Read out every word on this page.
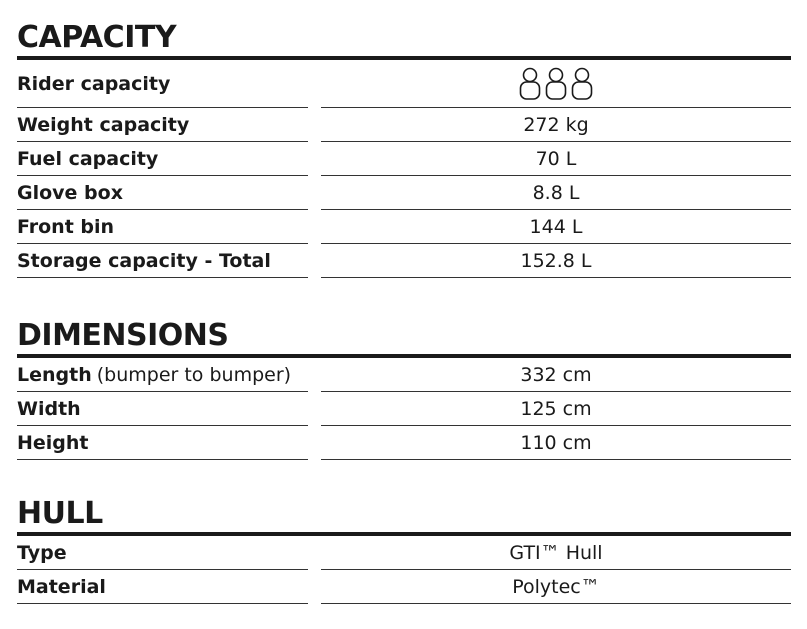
CAPACITY
Rider capacity
Weight capacity	272 kg
Fuel capacity	70 L
Glove box	8.8 L
Front bin	144 L
Storage capacity - Total	152.8 L
DIMENSIONS
Length (bumper to bumper)	332 cm
Width	125 cm
Height	110 cm
HULL
Type	GTI™ Hull
Material	Polytec™
